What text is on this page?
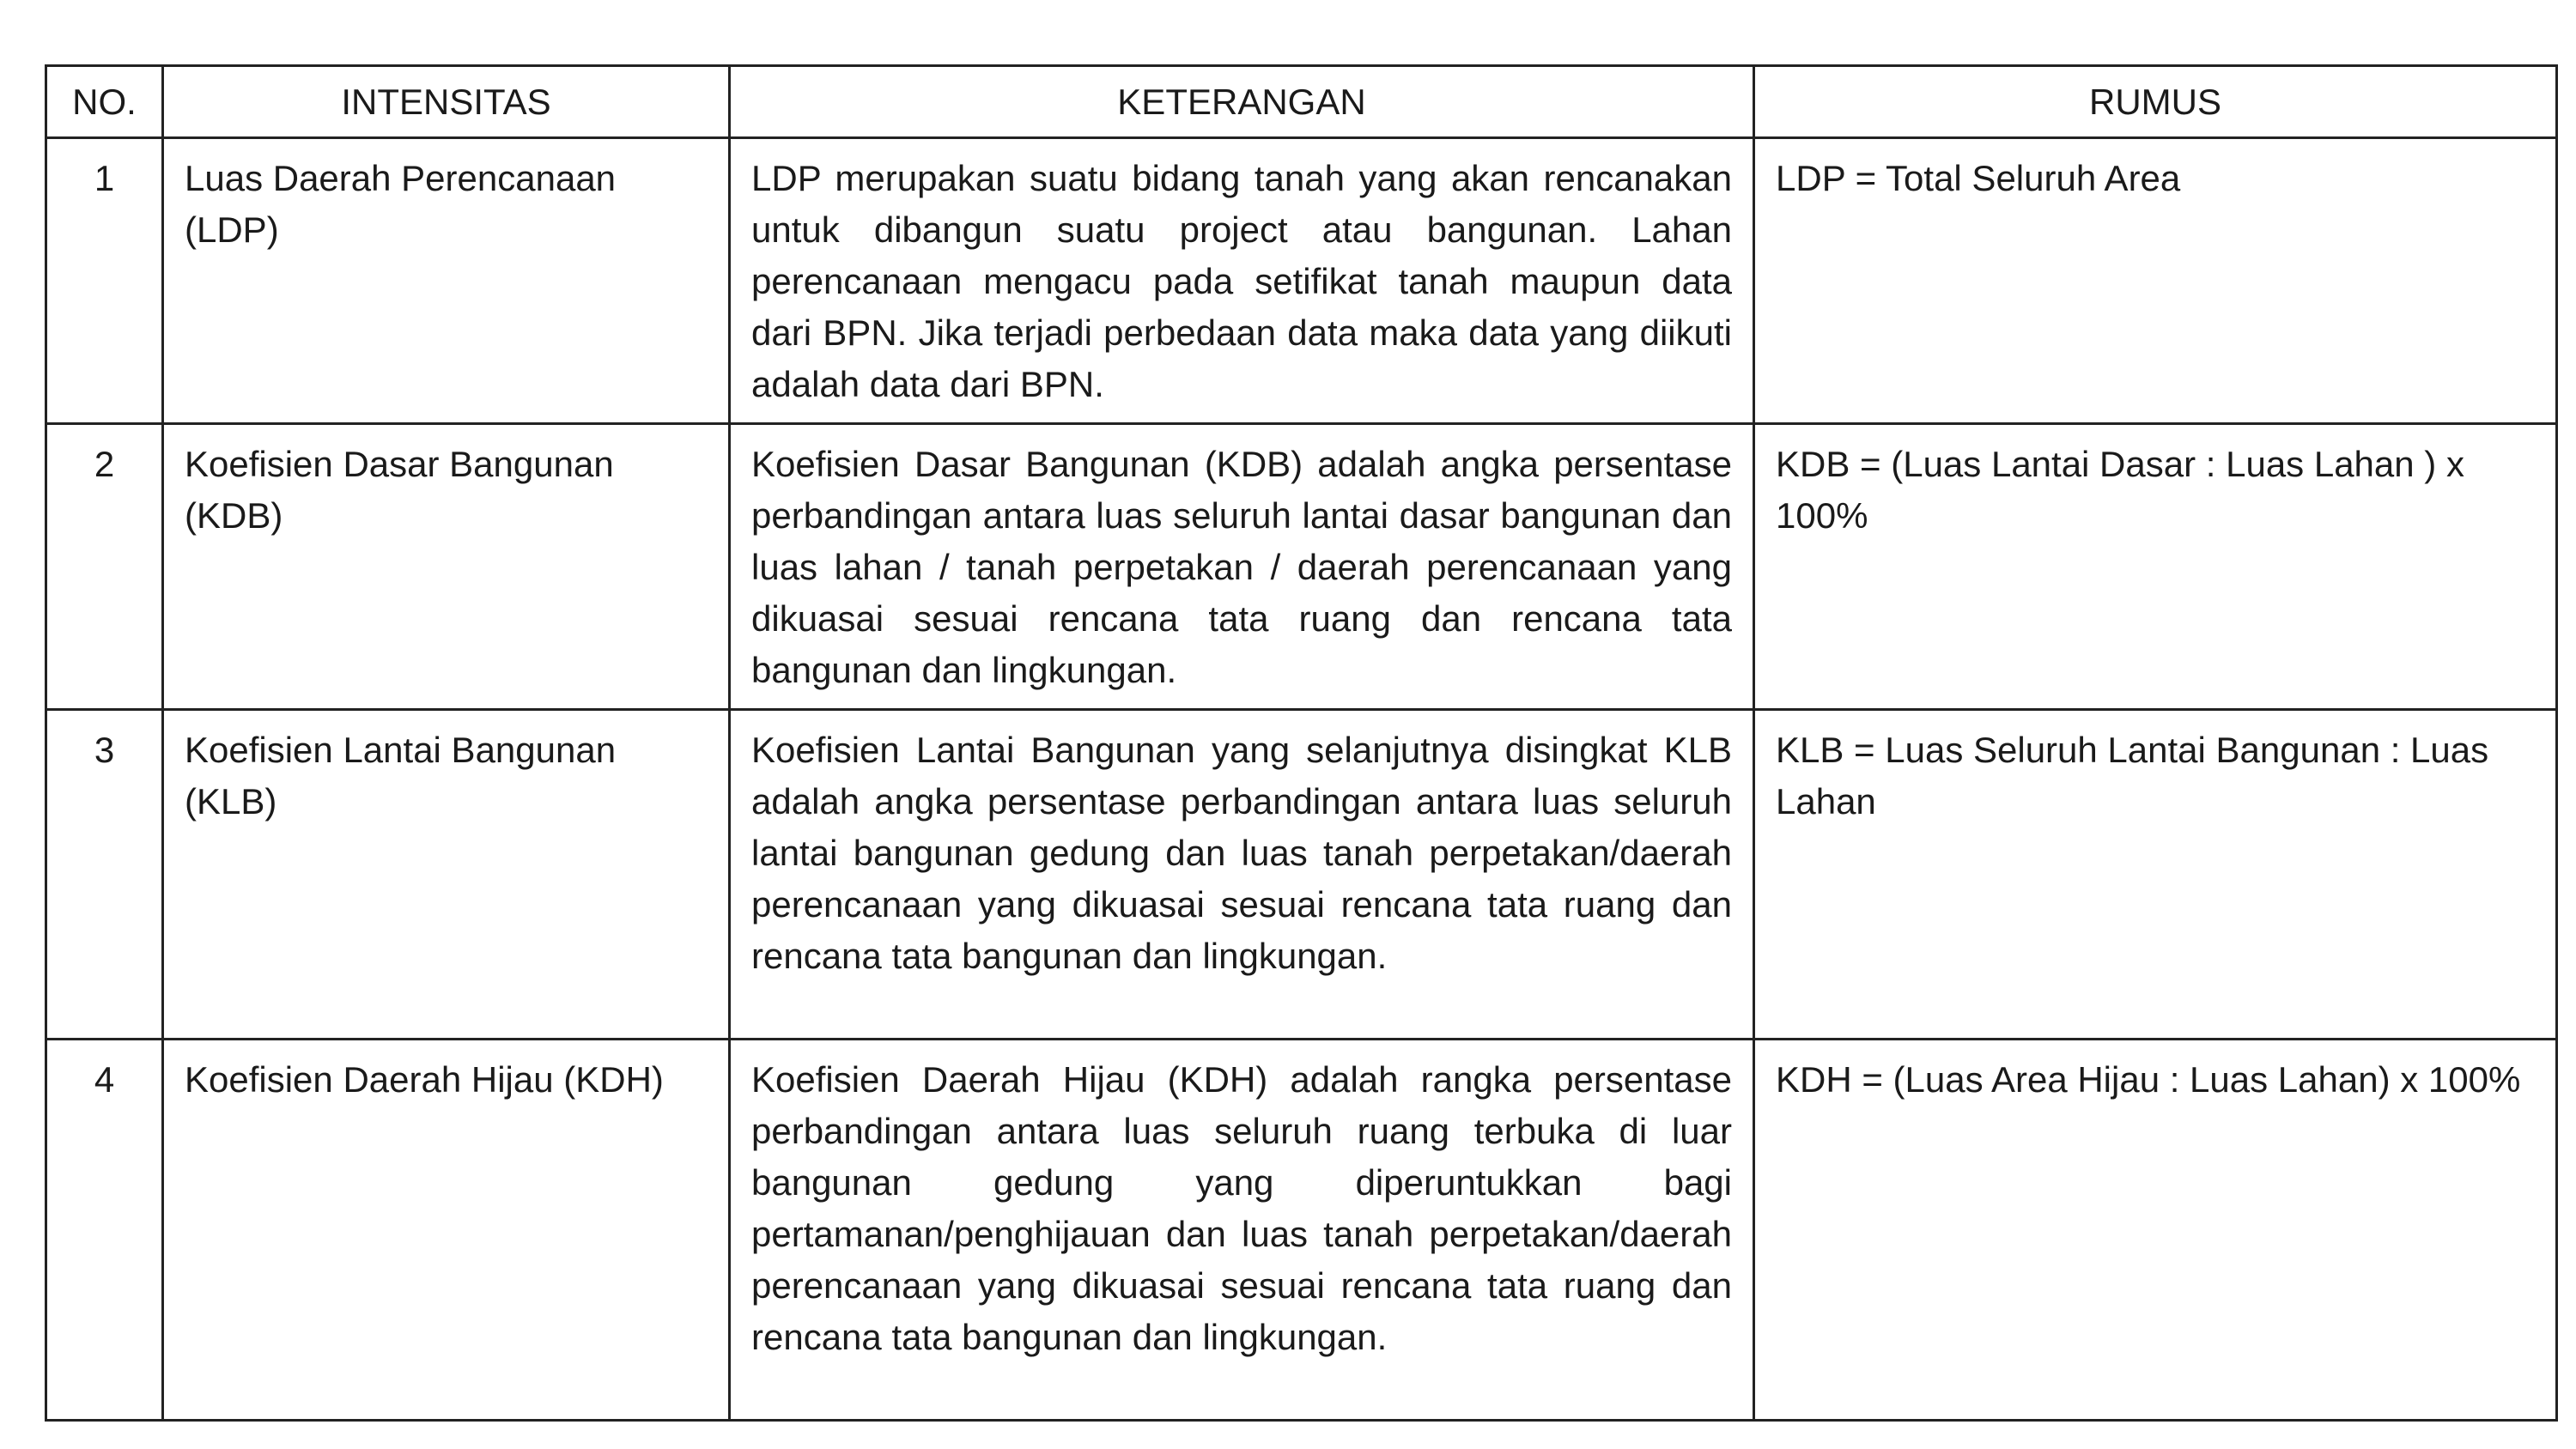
NO.	INTENSITAS	KETERANGAN	RUMUS
1	Luas Daerah Perencanaan (LDP)	LDP merupakan suatu bidang tanah yang akan rencanakan untuk dibangun suatu project atau bangunan. Lahan perencanaan mengacu pada setifikat tanah maupun data dari BPN. Jika terjadi perbedaan data maka data yang diikuti adalah data dari BPN.	LDP = Total Seluruh Area
2	Koefisien Dasar Bangunan (KDB)	Koefisien Dasar Bangunan (KDB) adalah angka persentase perbandingan antara luas seluruh lantai dasar bangunan dan luas lahan / tanah perpetakan / daerah perencanaan yang dikuasai sesuai rencana tata ruang dan rencana tata bangunan dan lingkungan.	KDB = (Luas Lantai Dasar : Luas Lahan ) x 100%
3	Koefisien Lantai Bangunan (KLB)	Koefisien Lantai Bangunan yang selanjutnya disingkat KLB adalah angka persentase perbandingan antara luas seluruh lantai bangunan gedung dan luas tanah perpetakan/daerah perencanaan yang dikuasai sesuai rencana tata ruang dan rencana tata bangunan dan lingkungan.	KLB = Luas Seluruh Lantai Bangunan : Luas Lahan
4	Koefisien Daerah Hijau (KDH)	Koefisien Daerah Hijau (KDH) adalah rangka persentase perbandingan antara luas seluruh ruang terbuka di luar bangunan gedung yang diperuntukkan bagi pertamanan/penghijauan dan luas tanah perpetakan/daerah perencanaan yang dikuasai sesuai rencana tata ruang dan rencana tata bangunan dan lingkungan.	KDH = (Luas Area Hijau : Luas Lahan) x 100%
